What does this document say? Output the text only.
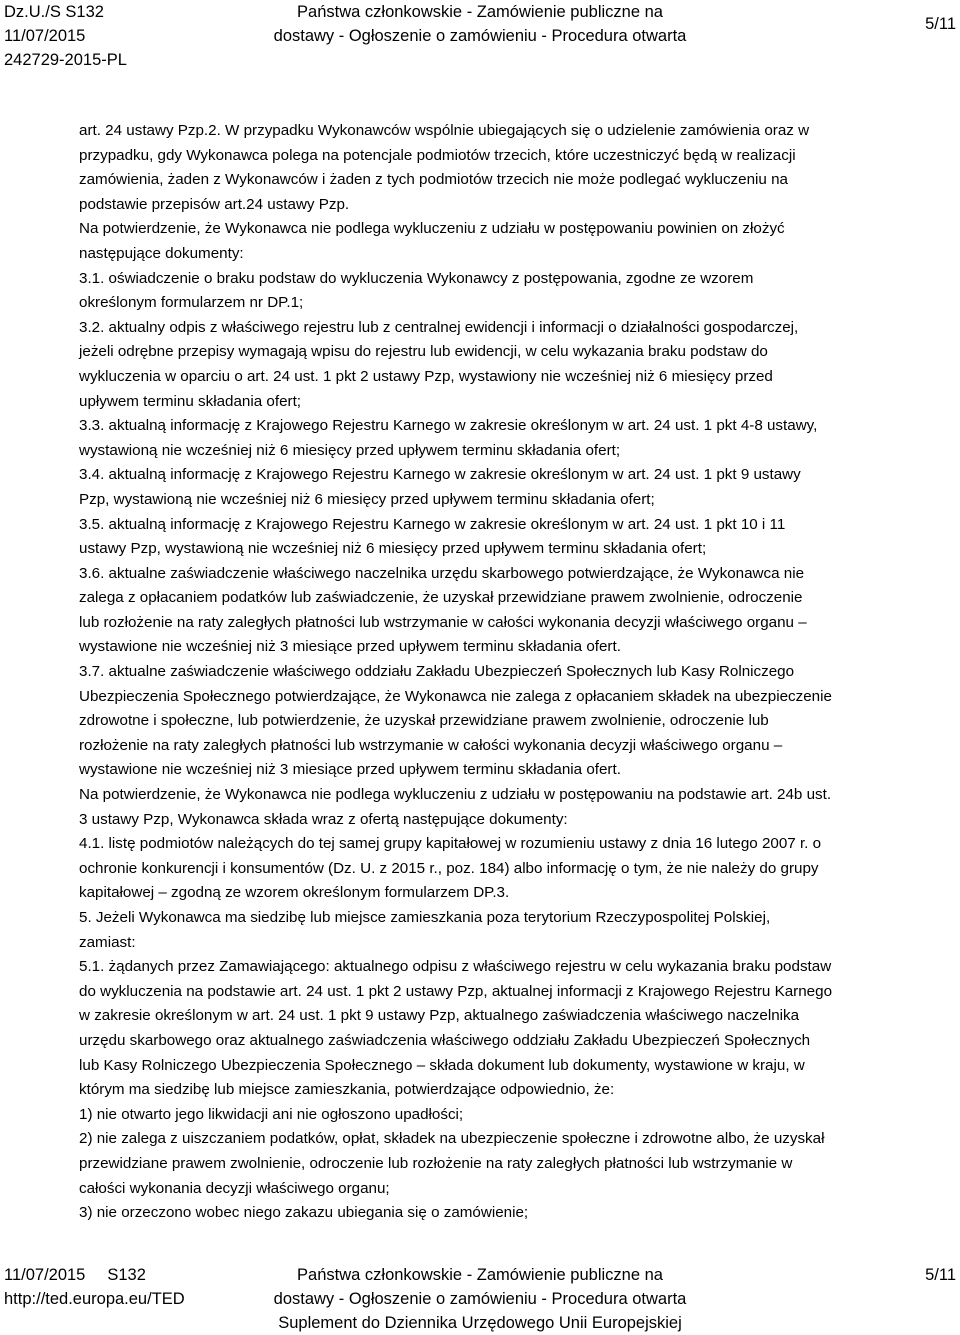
Dz.U./S S132
11/07/2015
242729-2015-PL
Państwa członkowskie - Zamówienie publiczne na
dostawy - Ogłoszenie o zamówieniu - Procedura otwarta
5/11
art. 24 ustawy Pzp.2. W przypadku Wykonawców wspólnie ubiegających się o udzielenie zamówienia oraz w
przypadku, gdy Wykonawca polega na potencjale podmiotów trzecich, które uczestniczyć będą w realizacji
zamówienia, żaden z Wykonawców i żaden z tych podmiotów trzecich nie może podlegać wykluczeniu na
podstawie przepisów art.24 ustawy Pzp.
Na potwierdzenie, że Wykonawca nie podlega wykluczeniu z udziału w postępowaniu powinien on złożyć
następujące dokumenty:
3.1. oświadczenie o braku podstaw do wykluczenia Wykonawcy z postępowania, zgodne ze wzorem
określonym formularzem nr DP.1;
3.2. aktualny odpis z właściwego rejestru lub z centralnej ewidencji i informacji o działalności gospodarczej,
jeżeli odrębne przepisy wymagają wpisu do rejestru lub ewidencji, w celu wykazania braku podstaw do
wykluczenia w oparciu o art. 24 ust. 1 pkt 2 ustawy Pzp, wystawiony nie wcześniej niż 6 miesięcy przed
upływem terminu składania ofert;
3.3. aktualną informację z Krajowego Rejestru Karnego w zakresie określonym w art. 24 ust. 1 pkt 4-8 ustawy,
wystawioną nie wcześniej niż 6 miesięcy przed upływem terminu składania ofert;
3.4. aktualną informację z Krajowego Rejestru Karnego w zakresie określonym w art. 24 ust. 1 pkt 9 ustawy
Pzp, wystawioną nie wcześniej niż 6 miesięcy przed upływem terminu składania ofert;
3.5. aktualną informację z Krajowego Rejestru Karnego w zakresie określonym w art. 24 ust. 1 pkt 10 i 11
ustawy Pzp, wystawioną nie wcześniej niż 6 miesięcy przed upływem terminu składania ofert;
3.6. aktualne zaświadczenie właściwego naczelnika urzędu skarbowego potwierdzające, że Wykonawca nie
zalega z opłacaniem podatków lub zaświadczenie, że uzyskał przewidziane prawem zwolnienie, odroczenie
lub rozłożenie na raty zaległych płatności lub wstrzymanie w całości wykonania decyzji właściwego organu –
wystawione nie wcześniej niż 3 miesiące przed upływem terminu składania ofert.
3.7. aktualne zaświadczenie właściwego oddziału Zakładu Ubezpieczeń Społecznych lub Kasy Rolniczego
Ubezpieczenia Społecznego potwierdzające, że Wykonawca nie zalega z opłacaniem składek na ubezpieczenie
zdrowotne i społeczne, lub potwierdzenie, że uzyskał przewidziane prawem zwolnienie, odroczenie lub
rozłożenie na raty zaległych płatności lub wstrzymanie w całości wykonania decyzji właściwego organu –
wystawione nie wcześniej niż 3 miesiące przed upływem terminu składania ofert.
Na potwierdzenie, że Wykonawca nie podlega wykluczeniu z udziału w postępowaniu na podstawie art. 24b ust.
3 ustawy Pzp, Wykonawca składa wraz z ofertą następujące dokumenty:
4.1. listę podmiotów należących do tej samej grupy kapitałowej w rozumieniu ustawy z dnia 16 lutego 2007 r. o
ochronie konkurencji i konsumentów (Dz. U. z 2015 r., poz. 184) albo informację o tym, że nie należy do grupy
kapitałowej – zgodną ze wzorem określonym formularzem DP.3.
5. Jeżeli Wykonawca ma siedzibę lub miejsce zamieszkania poza terytorium Rzeczypospolitej Polskiej,
zamiast:
5.1. żądanych przez Zamawiającego: aktualnego odpisu z właściwego rejestru w celu wykazania braku podstaw
do wykluczenia na podstawie art. 24 ust. 1 pkt 2 ustawy Pzp, aktualnej informacji z Krajowego Rejestru Karnego
w zakresie określonym w art. 24 ust. 1 pkt 9 ustawy Pzp, aktualnego zaświadczenia właściwego naczelnika
urzędu skarbowego oraz aktualnego zaświadczenia właściwego oddziału Zakładu Ubezpieczeń Społecznych
lub Kasy Rolniczego Ubezpieczenia Społecznego – składa dokument lub dokumenty, wystawione w kraju, w
którym ma siedzibę lub miejsce zamieszkania, potwierdzające odpowiednio, że:
1) nie otwarto jego likwidacji ani nie ogłoszono upadłości;
2) nie zalega z uiszczaniem podatków, opłat, składek na ubezpieczenie społeczne i zdrowotne albo, że uzyskał
przewidziane prawem zwolnienie, odroczenie lub rozłożenie na raty zaległych płatności lub wstrzymanie w
całości wykonania decyzji właściwego organu;
3) nie orzeczono wobec niego zakazu ubiegania się o zamówienie;
11/07/2015 S132
http://ted.europa.eu/TED
Państwa członkowskie - Zamówienie publiczne na
dostawy - Ogłoszenie o zamówieniu - Procedura otwarta
Suplement do Dziennika Urzędowego Unii Europejskiej
5/11
